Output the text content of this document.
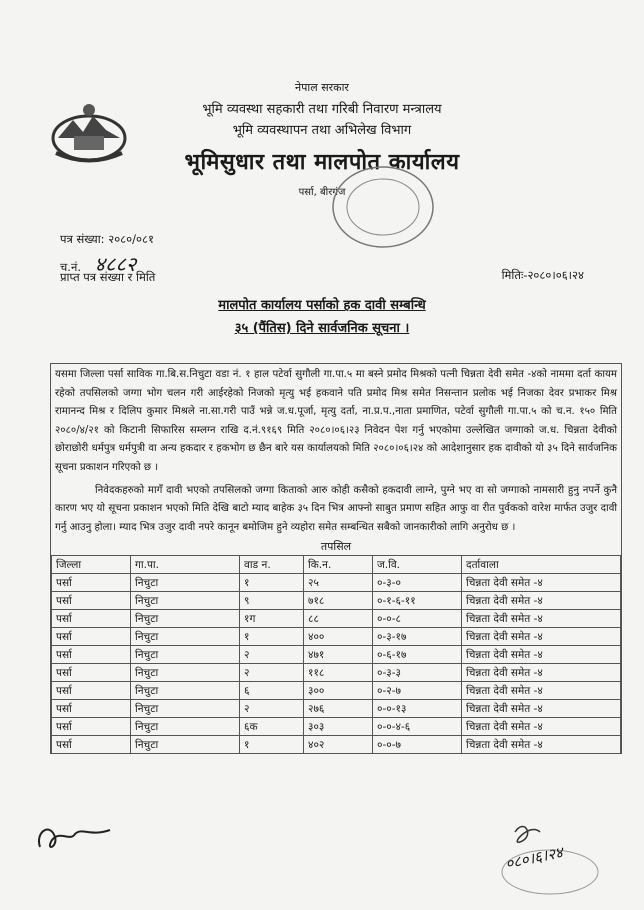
नेपाल सरकार
भूमि व्यवस्था सहकारी तथा गरिबी निवारण मन्त्रालय
भूमि व्यवस्थापन तथा अभिलेख विभाग
भूमिसुधार तथा मालपोत कार्यालय
पर्सा, बीरगंज
पत्र संख्या: २०८०/०८१
च.नं. ४८८२
प्राप्त पत्र संख्या र मिति	मितिः-२०८०।०६।२४
मालपोत कार्यालय पर्साको हक दावी सम्बन्धि
३५ (पैंतिस) दिने सार्वजनिक सूचना ।
यसमा जिल्ला पर्सा साविक गा.बि.स.निचुटा वडा नं. १ हाल पटेर्वा सुगौली गा.पा.५ मा बस्ने प्रमोद मिश्रको पत्नी चिन्नता देवी समेत -४को नाममा दर्ता कायम रहेको तपसिलको जग्गा भोग चलन गरी आईरहेको निजको मृत्यु भई हकवाने पति प्रमोद मिश्र समेत निसन्तान प्रलोक भई निजका देवर प्रभाकर मिश्र रामानन्द मिश्र र दिलिप कुमार मिश्रले ना.सा.गरी पाउँ भन्ने ज.ध.पूर्जा, मृत्यु दर्ता, ना.प्र.प.,नाता प्रमाणित, पटेर्वा सुगौली गा.पा.५ को च.न. १५० मिति २०८०/४/२१ को किटानी सिफारिस सम्लग्न राखि द.नं.९१६९ मिति २०८०।०६।२३ निवेदन पेश गर्नु भएकोमा उल्लेखित जग्गाको ज.ध. चिन्नता देवीको छोराछोरी धर्मपुत्र धर्मपुत्री वा अन्य हकदार र हकभोग छ छैन बारे यस कार्यालयको मिति २०८०।०६।२४ को आदेशानुसार हक दावीको यो ३५ दिने सार्वजनिक सूचना प्रकाशन गरिएको छ ।
निवेदकहरुको मागँ दावी भएको तपसिलको जग्गा किताको आरु कोही कसैको हकदावी लाग्ने, पुग्ने भए वा सो जग्गाको नामसारी हुनु नपर्ने कुनै कारण भए यो सूचना प्रकाशन भएको मिति देखि बाटो म्याद बाहेक ३५ दिन भित्र आफ्नो साबुत प्रमाण सहित आफु वा रीत पुर्वकको वारेश मार्फत उजुर दावी गर्नु आउनु होला। म्याद भित्र उजुर दावी नपरे कानून बमोजिम हुने व्यहोरा समेत सम्बन्धित सबैको जानकारीको लागि अनुरोध छ ।
तपसिल
जिल्ला	गा.पा.	वाड न.	कि.न.	ज.वि.	दर्तावाला
पर्सा	निचुटा	१	२५	०-३-०	चिन्नता देवी समेत -४
पर्सा	निचुटा	९	७१८	०-१-६-११	चिन्नता देवी समेत -४
पर्सा	निचुटा	१ग	८८	०-०-८	चिन्नता देवी समेत -४
पर्सा	निचुटा	१	४००	०-३-१७	चिन्नता देवी समेत -४
पर्सा	निचुटा	२	४७१	०-६-१७	चिन्नता देवी समेत -४
पर्सा	निचुटा	२	११८	०-३-३	चिन्नता देवी समेत -४
पर्सा	निचुटा	६	३००	०-२-७	चिन्नता देवी समेत -४
पर्सा	निचुटा	२	२७६	०-०-१३	चिन्नता देवी समेत -४
पर्सा	निचुटा	६क	३०३	०-०-४-६	चिन्नता देवी समेत -४
पर्सा	निचुटा	१	४०२	०-०-७	चिन्नता देवी समेत -४
०८०।६।२४
